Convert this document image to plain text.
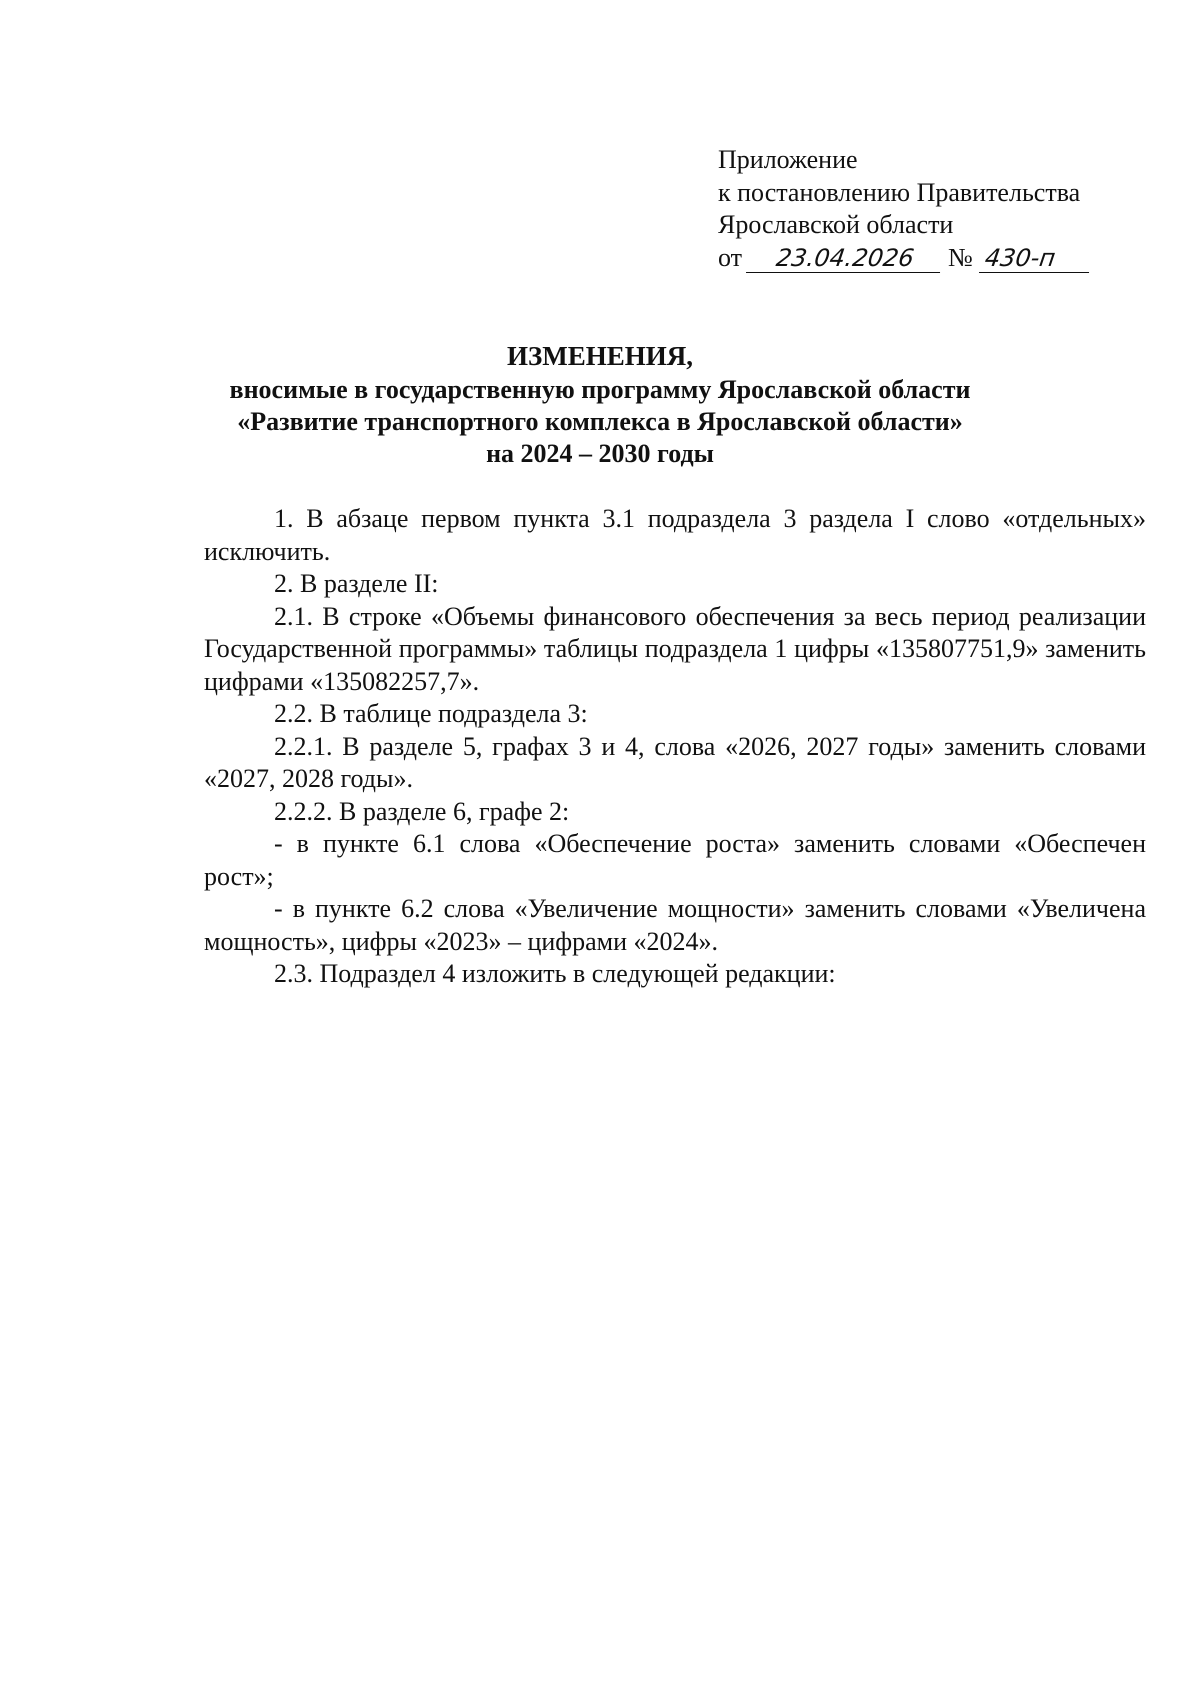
Приложение
к постановлению Правительства
Ярославской области
от 23.04.2026 № 430-п
ИЗМЕНЕНИЯ,
вносимые в государственную программу Ярославской области
«Развитие транспортного комплекса в Ярославской области»
на 2024 – 2030 годы

1. В абзаце первом пункта 3.1 подраздела 3 раздела I слово «отдельных» исключить.

2. В разделе II:

2.1. В строке «Объемы финансового обеспечения за весь период реализации Государственной программы» таблицы подраздела 1 цифры «135807751,9» заменить цифрами «135082257,7».

2.2. В таблице подраздела 3:

2.2.1. В разделе 5, графах 3 и 4, слова «2026, 2027 годы» заменить словами «2027, 2028 годы».

2.2.2. В разделе 6, графе 2:

- в пункте 6.1 слова «Обеспечение роста» заменить словами «Обеспечен рост»;

- в пункте 6.2 слова «Увеличение мощности» заменить словами «Увеличена мощность», цифры «2023» – цифрами «2024».

2.3. Подраздел 4 изложить в следующей редакции:
